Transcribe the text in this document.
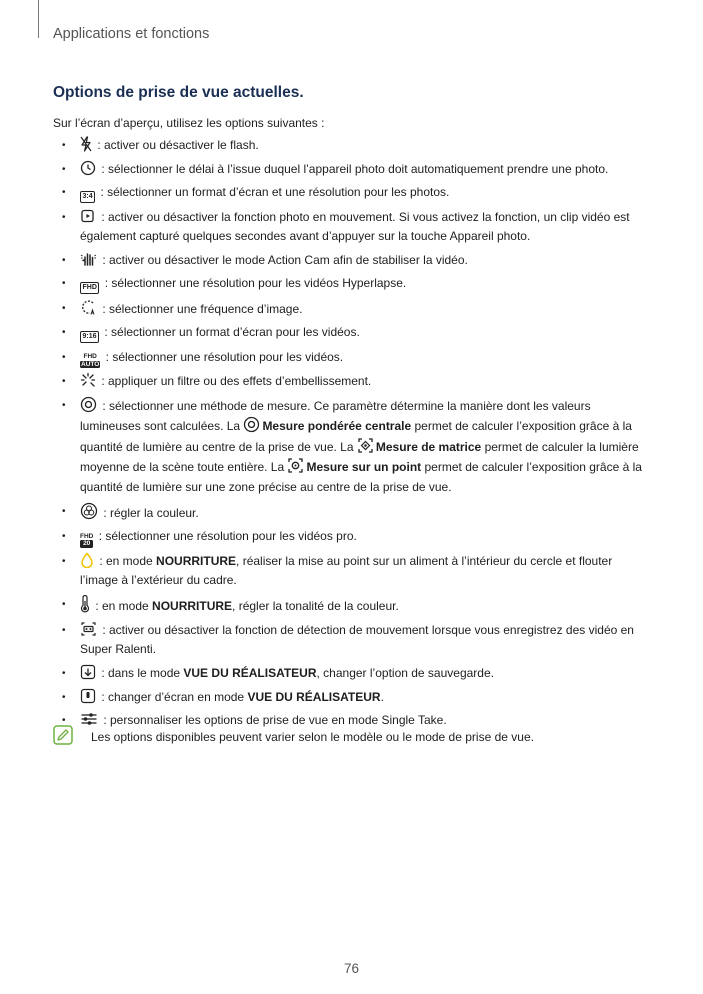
Applications et fonctions
Options de prise de vue actuelles.
Sur l’écran d’aperçu, utilisez les options suivantes :
• : activer ou désactiver le flash.
• : sélectionner le délai à l’issue duquel l’appareil photo doit automatiquement prendre une photo.
• 3:4 : sélectionner un format d’écran et une résolution pour les photos.
• : activer ou désactiver la fonction photo en mouvement. Si vous activez la fonction, un clip vidéo est également capturé quelques secondes avant d’appuyer sur la touche Appareil photo.
• : activer ou désactiver le mode Action Cam afin de stabiliser la vidéo.
• FHD : sélectionner une résolution pour les vidéos Hyperlapse.
• : sélectionner une fréquence d’image.
• 9:16 : sélectionner un format d’écran pour les vidéos.
• FHD
AUTO
: sélectionner une résolution pour les vidéos.
• : appliquer un filtre ou des effets d’embellissement.
• : sélectionner une méthode de mesure. Ce paramètre détermine la manière dont les valeurs lumineuses sont calculées. La
Mesure pondérée centrale permet de calculer l’exposition grâce à la quantité de lumière au centre de la prise de vue. La
Mesure de matrice permet de calculer la lumière moyenne de la scène toute entière. La
Mesure sur un point permet de calculer l’exposition grâce à la quantité de lumière sur une zone précise au centre de la prise de vue.
• : régler la couleur.
• FHD
20
: sélectionner une résolution pour les vidéos pro.
• : en mode NOURRITURE, réaliser la mise au point sur un aliment à l’intérieur du cercle et flouter l’image à l’extérieur du cadre.
• : en mode NOURRITURE, régler la tonalité de la couleur.
• : activer ou désactiver la fonction de détection de mouvement lorsque vous enregistrez des vidéo en Super Ralenti.
• : dans le mode VUE DU RÉALISATEUR, changer l’option de sauvegarde.
• : changer d’écran en mode VUE DU RÉALISATEUR.
• : personnaliser les options de prise de vue en mode Single Take.
Les options disponibles peuvent varier selon le modèle ou le mode de prise de vue.
76
